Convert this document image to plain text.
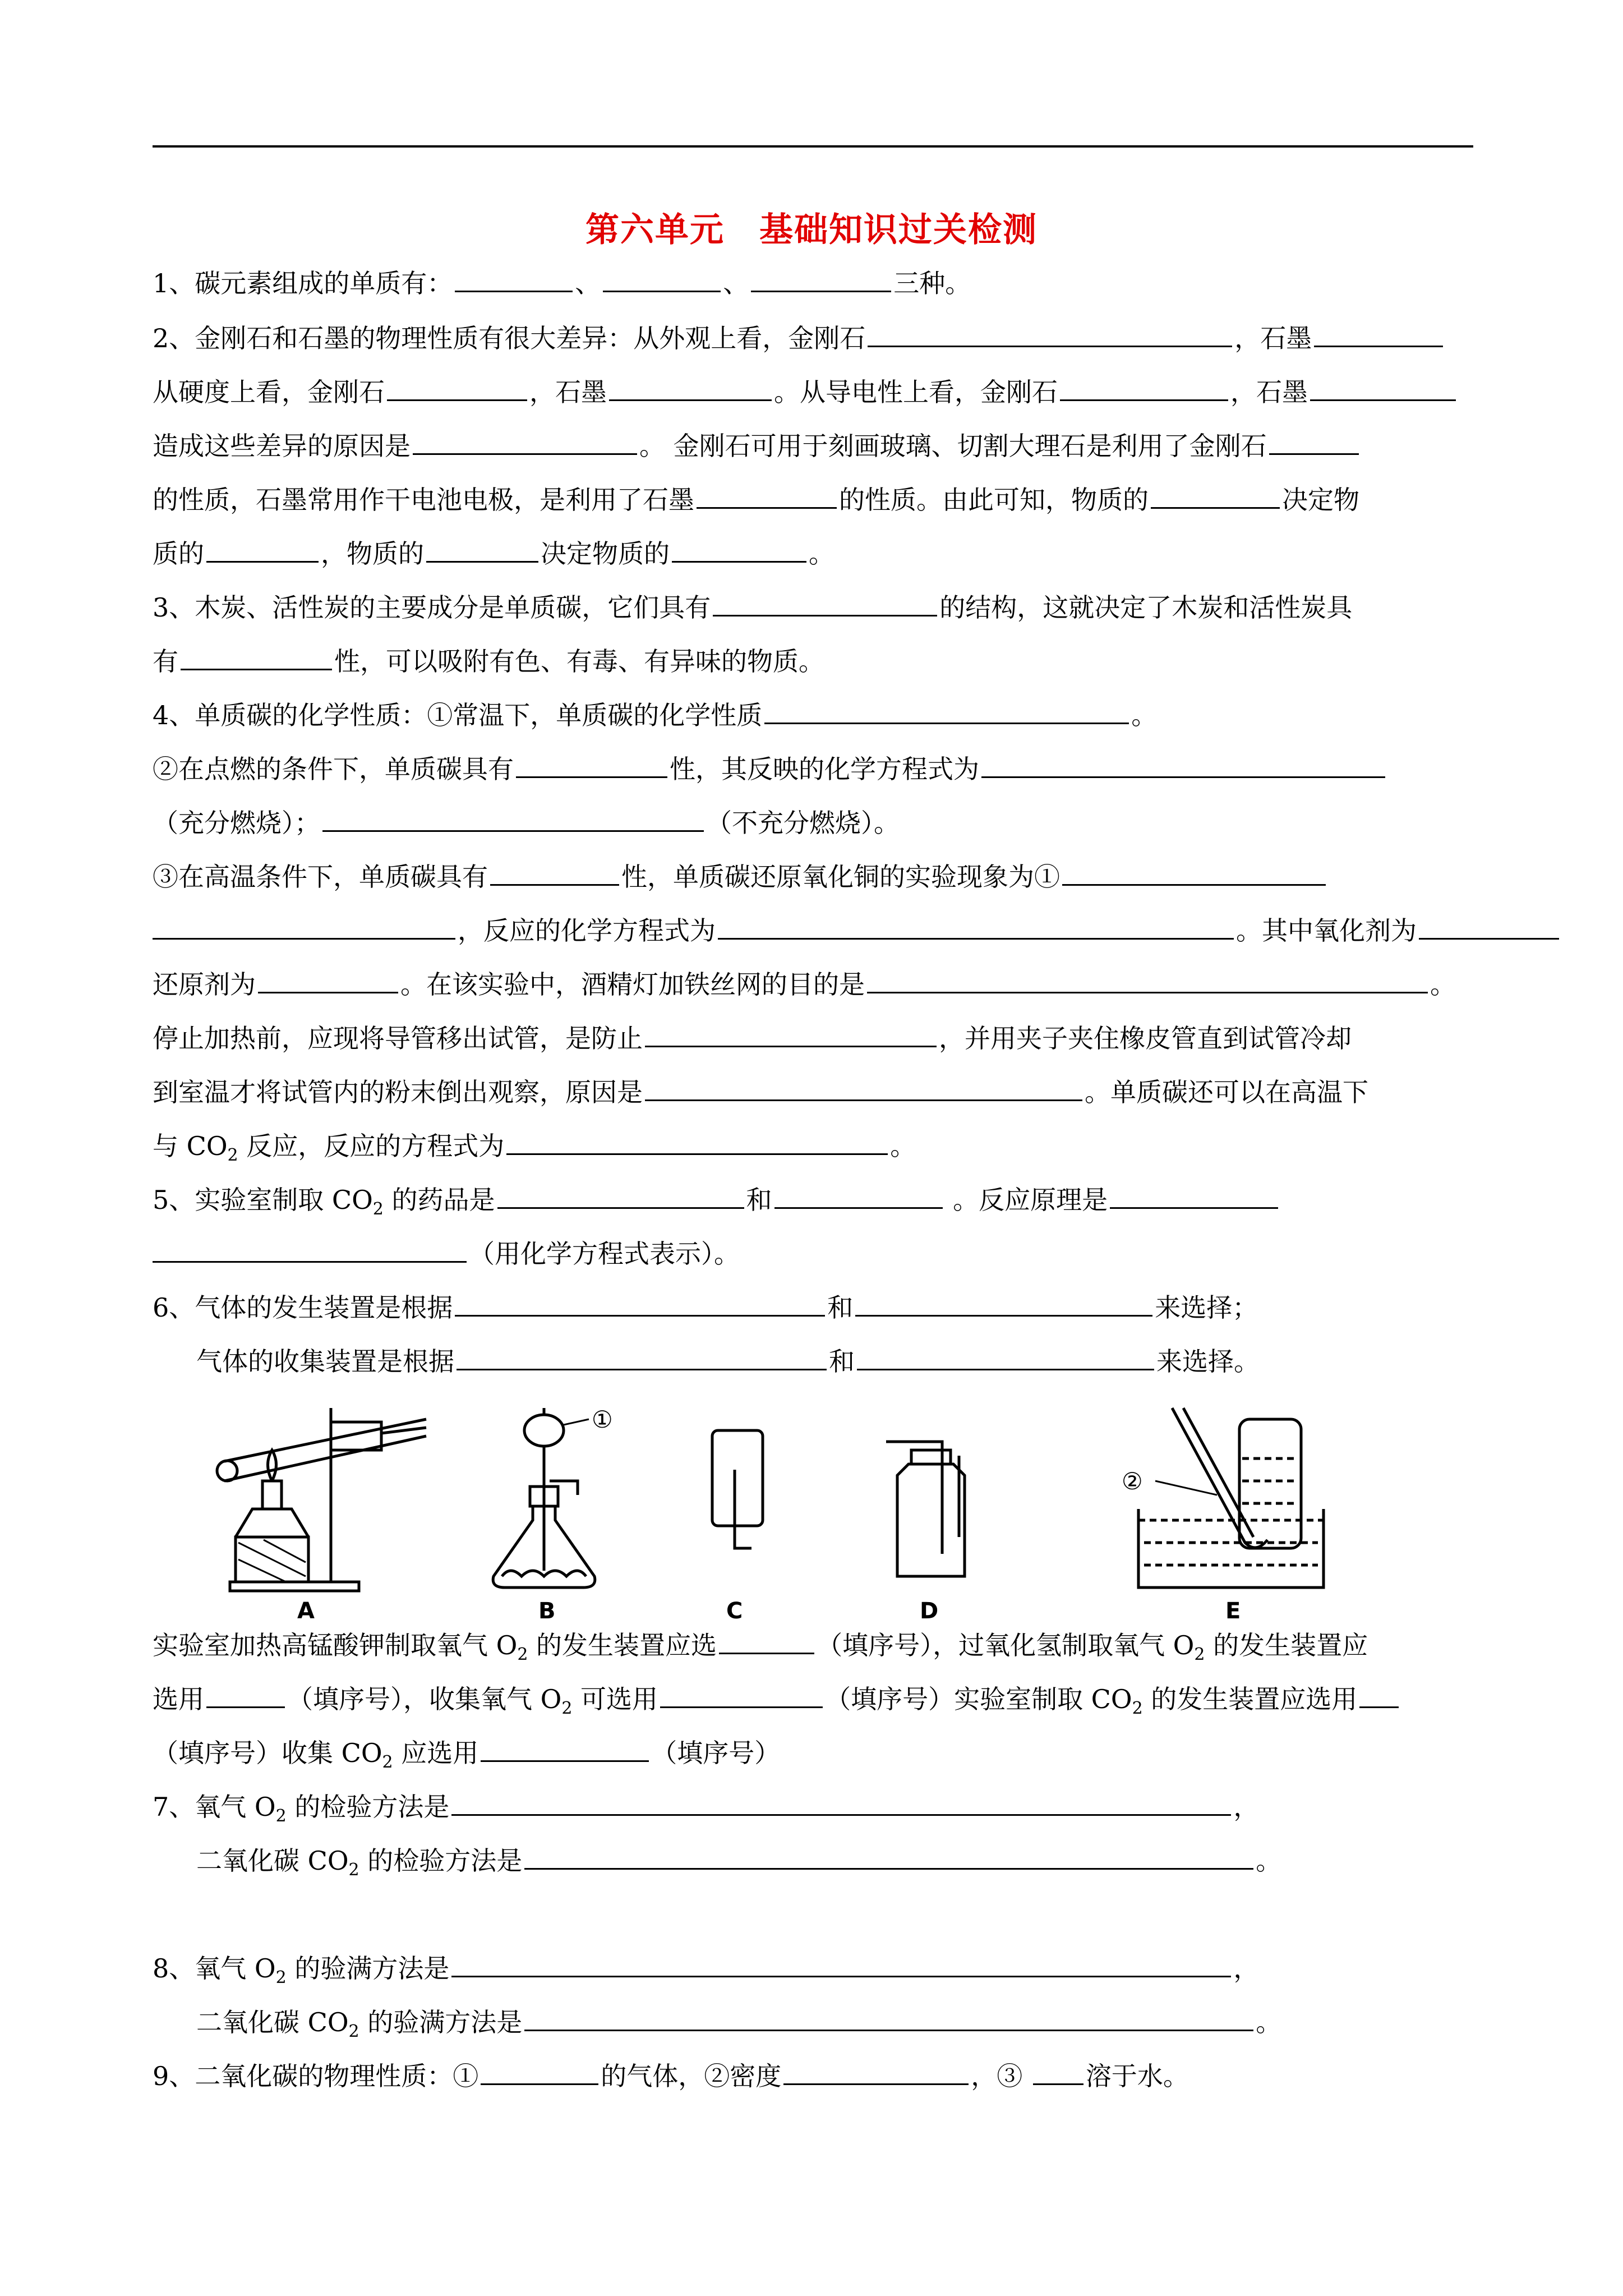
第六单元　基础知识过关检测
1、碳元素组成的单质有：	、	、	三种。
2、金刚石和石墨的物理性质有很大差异：从外观上看，金刚石	，石墨
从硬度上看，金刚石	，石墨	。从导电性上看，金刚石	，石墨
造成这些差异的原因是	。 金刚石可用于刻画玻璃、切割大理石是利用了金刚石
的性质，石墨常用作干电池电极，是利用了石墨	的性质。由此可知，物质的	决定物
质的	，物质的	决定物质的	。
3、木炭、活性炭的主要成分是单质碳，它们具有	的结构，这就决定了木炭和活性炭具
有	性，可以吸附有色、有毒、有异味的物质。
4、单质碳的化学性质：①常温下，单质碳的化学性质	。
②在点燃的条件下，单质碳具有	性，其反映的化学方程式为
（充分燃烧）；	（不充分燃烧）。
③在高温条件下，单质碳具有	性，单质碳还原氧化铜的实验现象为①
，反应的化学方程式为	。其中氧化剂为
还原剂为	。在该实验中，酒精灯加铁丝网的目的是	。
停止加热前，应现将导管移出试管，是防止	，并用夹子夹住橡皮管直到试管冷却
到室温才将试管内的粉末倒出观察，原因是	。单质碳还可以在高温下
与 $CO_2$ 反应，反应的方程式为	。
5、实验室制取 $CO_2$ 的药品是	和	。反应原理是
（用化学方程式表示）。
6、气体的发生装置是根据	和	来选择；
气体的收集装置是根据	和	来选择。
A
①
B	C	D
②
E
实验室加热高锰酸钾制取氧气 $O_2$ 的发生装置应选	（填序号），过氧化氢制取氧气 $O_2$ 的发生装置应
选用	（填序号），收集氧气 $O_2$ 可选用	（填序号）实验室制取 $CO_2$ 的发生装置应选用
（填序号）收集 $CO_2$ 应选用	（填序号）
7、氧气 $O_2$ 的检验方法是	，
二氧化碳 $CO_2$ 的检验方法是	。
8、氧气 $O_2$ 的验满方法是	，
二氧化碳 $CO_2$ 的验满方法是	。
9、二氧化碳的物理性质：①	的气体，②密度	，③ 溶于水。
